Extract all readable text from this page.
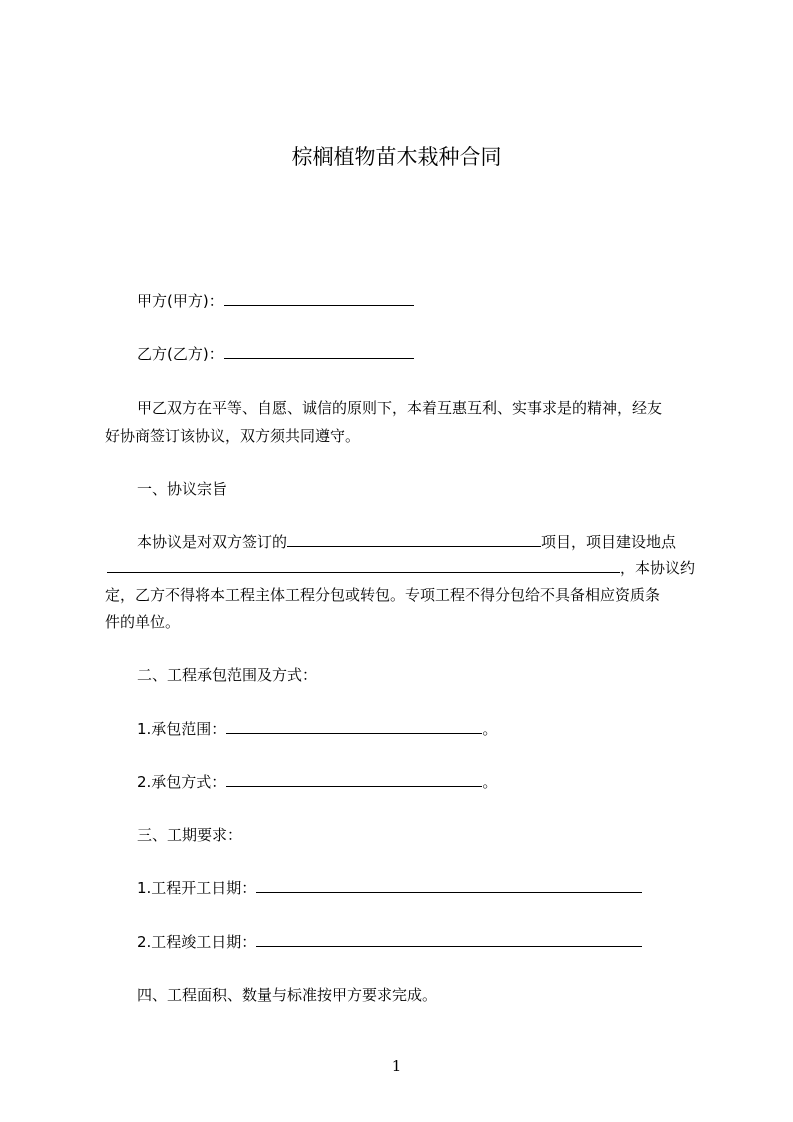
棕榈植物苗木栽种合同
甲方(甲方)：
乙方(乙方)：
甲乙双方在平等、自愿、诚信的原则下，本着互惠互利、实事求是的精神，经友
好协商签订该协议，双方须共同遵守。
一、协议宗旨
本协议是对双方签订的	项目，项目建设地点
，本协议约
定，乙方不得将本工程主体工程分包或转包。专项工程不得分包给不具备相应资质条
件的单位。
二、工程承包范围及方式：
1.承包范围：	。
2.承包方式：	。
三、工期要求：
1.工程开工日期：
2.工程竣工日期：
四、工程面积、数量与标准按甲方要求完成。
1
